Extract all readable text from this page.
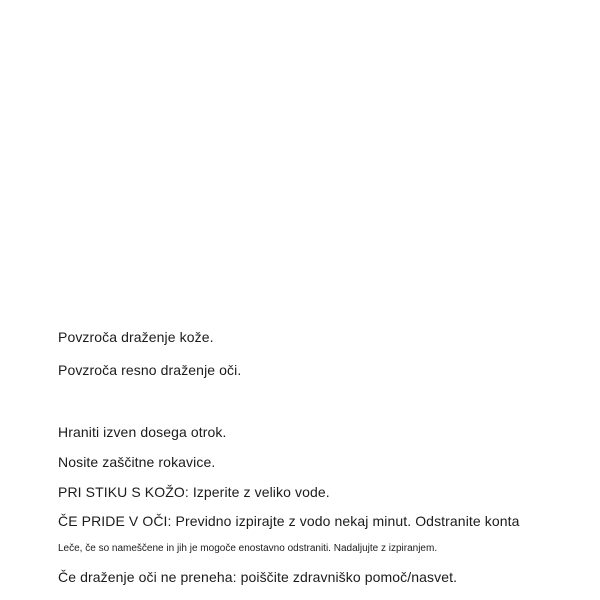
Povzroča draženje kože.
Povzroča resno draženje oči.
Hraniti izven dosega otrok.
Nosite zaščitne rokavice.
PRI STIKU S KOŽO: Izperite z veliko vode.
ČE PRIDE V OČI: Previdno izpirajte z vodo nekaj minut. Odstranite konta
Leče, če so nameščene in jih je mogoče enostavno odstraniti. Nadaljujte z izpiranjem.
Če draženje oči ne preneha: poiščite zdravniško pomoč/nasvet.
